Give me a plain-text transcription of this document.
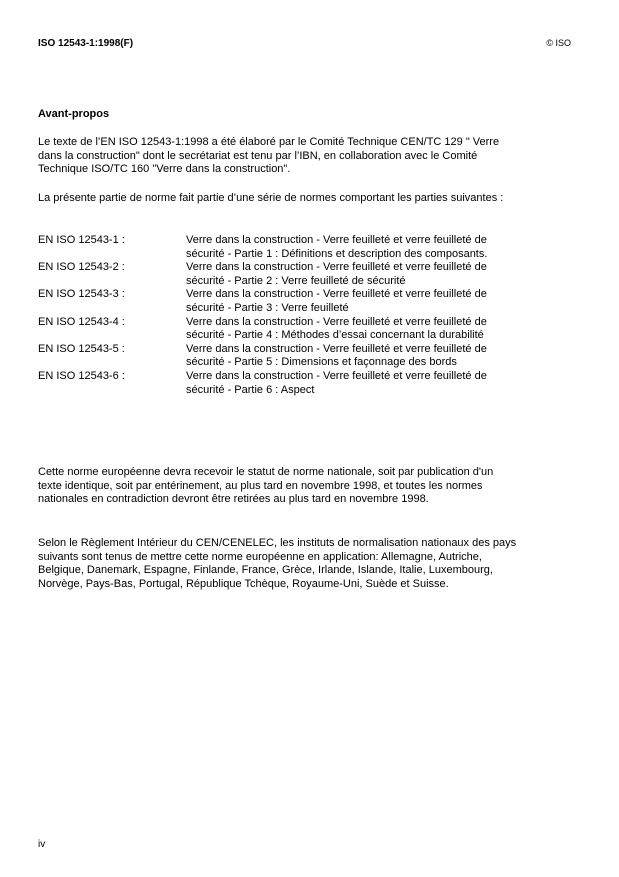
ISO 12543-1:1998(F)	© ISO
Avant-propos
Le texte de l’EN ISO 12543-1:1998 a été élaboré par le Comité Technique CEN/TC 129 " Verre dans la construction" dont le secrétariat est tenu par l’IBN, en collaboration avec le Comité Technique ISO/TC 160 "Verre dans la construction".
La présente partie de norme fait partie d’une série de normes comportant les parties suivantes :
EN ISO 12543-1 :	Verre dans la construction - Verre feuilleté et verre feuilleté de sécurité - Partie 1 : Définitions et description des composants.
EN ISO 12543-2 :	Verre dans la construction - Verre feuilleté et verre feuilleté de sécurité - Partie 2 : Verre feuilleté de sécurité
EN ISO 12543-3 :	Verre dans la construction - Verre feuilleté et verre feuilleté de sécurité - Partie 3 : Verre feuilleté
EN ISO 12543-4 :	Verre dans la construction - Verre feuilleté et verre feuilleté de sécurité - Partie 4 : Méthodes d’essai concernant la durabilité
EN ISO 12543-5 :	Verre dans la construction - Verre feuilleté et verre feuilleté de sécurité - Partie 5 : Dimensions et façonnage des bords
EN ISO 12543-6 :	Verre dans la construction - Verre feuilleté et verre feuilleté de sécurité - Partie 6 : Aspect
Cette norme européenne devra recevoir le statut de norme nationale, soit par publication d'un texte identique, soit par entérinement, au plus tard en novembre 1998, et toutes les normes nationales en contradiction devront être retirées au plus tard en novembre 1998.
Selon le Règlement Intérieur du CEN/CENELEC, les instituts de normalisation nationaux des pays suivants sont tenus de mettre cette norme européenne en application: Allemagne, Autriche, Belgique, Danemark, Espagne, Finlande, France, Grèce, Irlande, Islande, Italie, Luxembourg, Norvège, Pays-Bas, Portugal, République Tchèque, Royaume-Uni, Suède et Suisse.
iv
